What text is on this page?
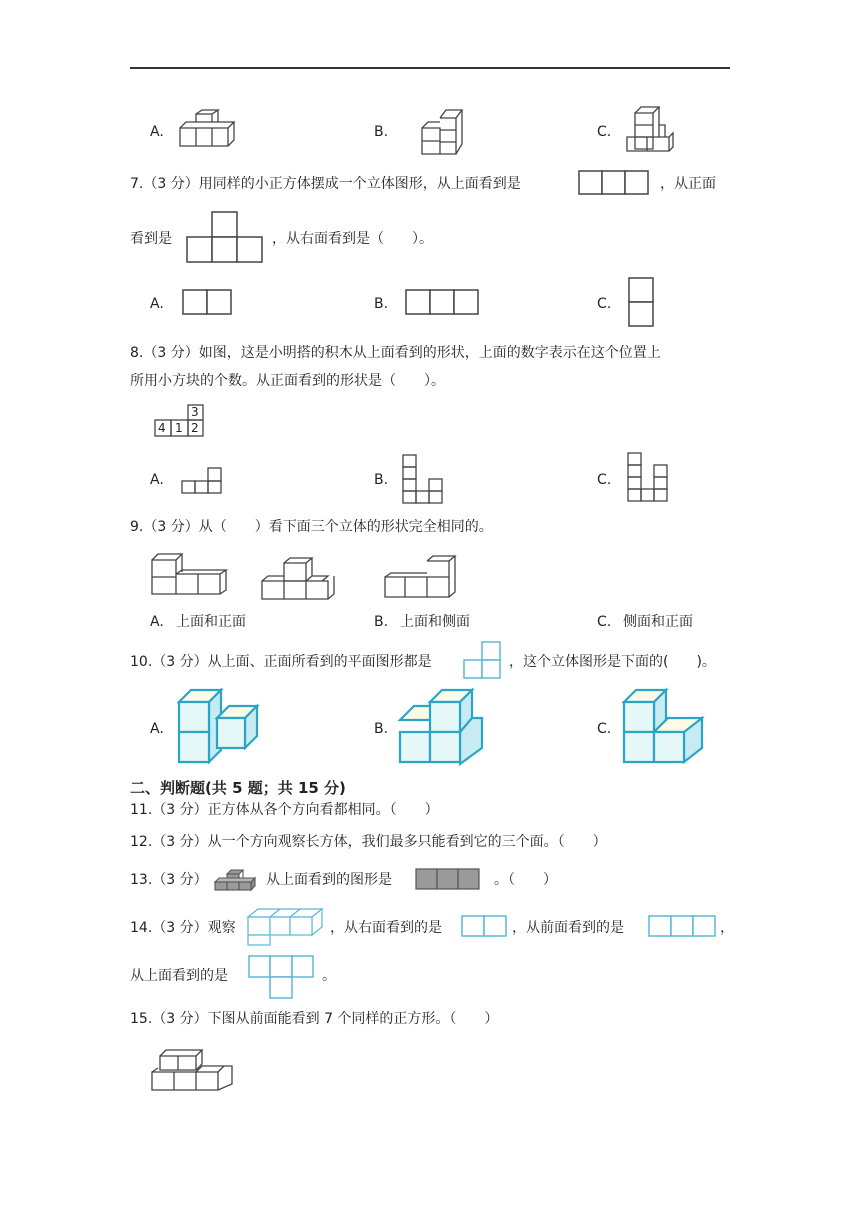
A.	B.	C.
7.（3 分）用同样的小正方体摆成一个立体图形，从上面看到是	，从正面
看到是	，从右面看到是（　　）。
A.	B.	C.
8.（3 分）如图，这是小明搭的积木从上面看到的形状，上面的数字表示在这个位置上
所用小方块的个数。从正面看到的形状是（　　）。
4 1 2
3
A.	B.	C.
9.（3 分）从（　　）看下面三个立体的形状完全相同的。
A. 上面和正面	B. 上面和侧面	C. 侧面和正面
10.（3 分）从上面、正面所看到的平面图形都是	，这个立体图形是下面的(　　)。
A.	B.	C.
二、判断题(共 5 题；共 15 分)
11.（3 分）正方体从各个方向看都相同。（　　）
12.（3 分）从一个方向观察长方体，我们最多只能看到它的三个面。（　　）
13.（3 分）	从上面看到的图形是	。（　　）
14.（3 分）观察	，从右面看到的是	，从前面看到的是	，
从上面看到的是	。
15.（3 分）下图从前面能看到 7 个同样的正方形。（　　）
